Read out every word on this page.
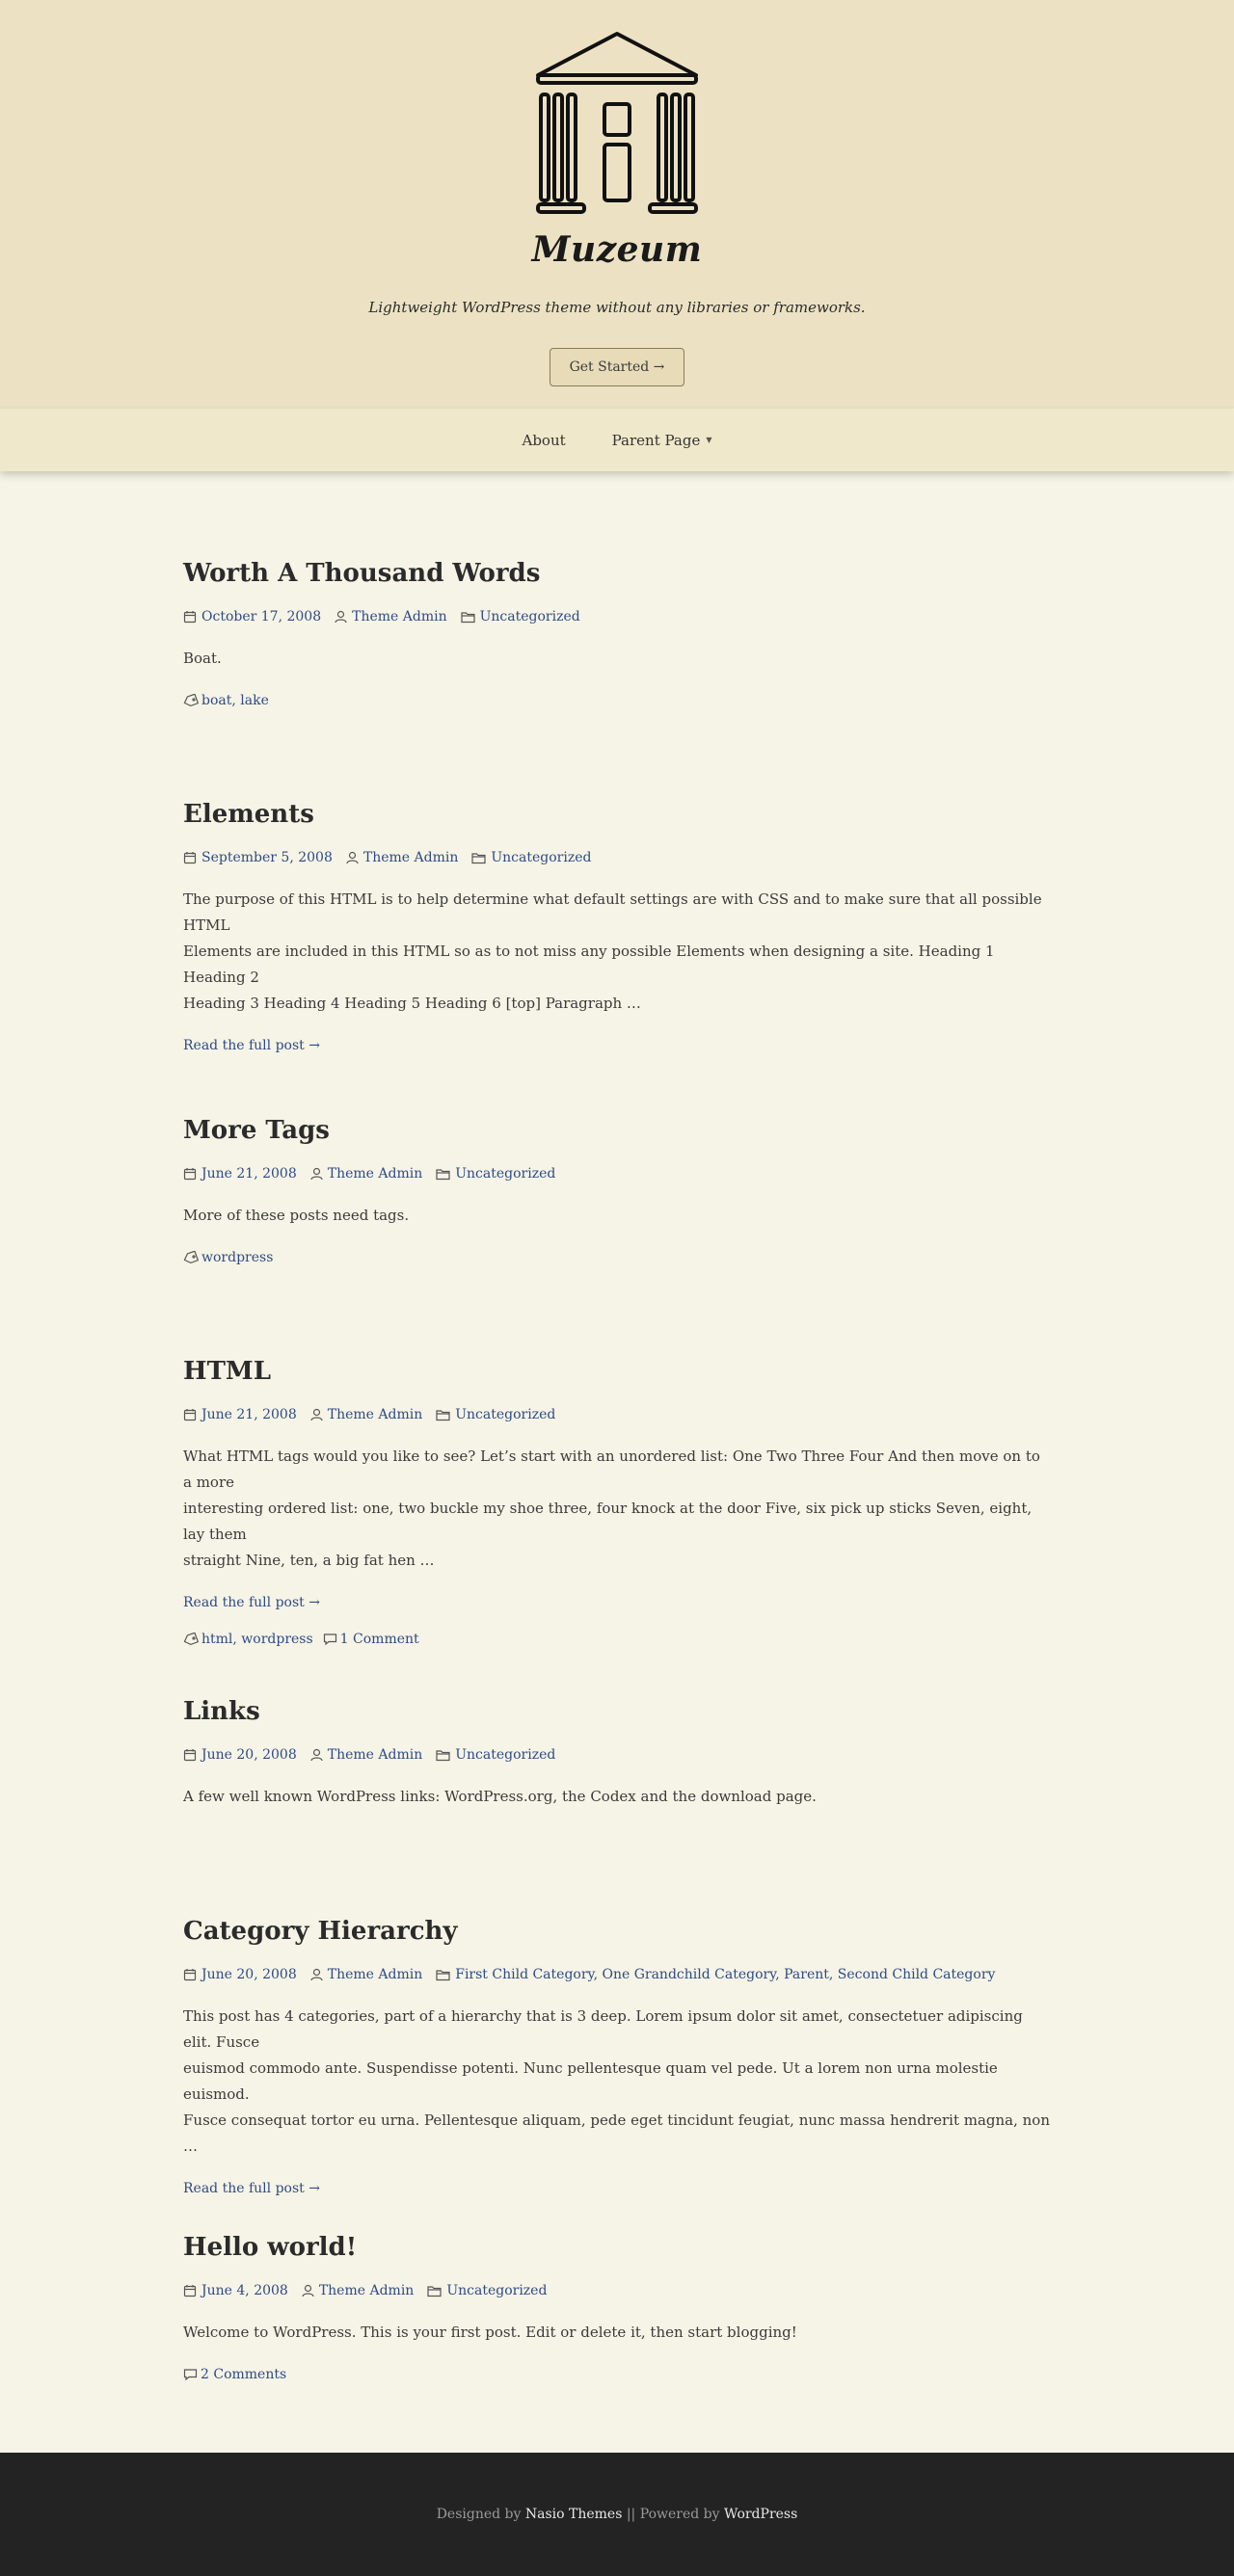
Muzeum
Lightweight WordPress theme without any libraries or frameworks.
Get Started →
About	Parent Page ▼
Worth A Thousand Words
October 17, 2008 Theme Admin Uncategorized

Boat.

boat, lake
Elements
September 5, 2008 Theme Admin Uncategorized
The purpose of this HTML is to help determine what default settings are with CSS and to make sure that all possible HTML
Elements are included in this HTML so as to not miss any possible Elements when designing a site. Heading 1 Heading 2
Heading 3 Heading 4 Heading 5 Heading 6 [top] Paragraph …
Read the full post →
More Tags
June 21, 2008 Theme Admin Uncategorized

More of these posts need tags.

wordpress
HTML
June 21, 2008 Theme Admin Uncategorized
What HTML tags would you like to see? Let’s start with an unordered list: One Two Three Four And then move on to a more
interesting ordered list: one, two buckle my shoe three, four knock at the door Five, six pick up sticks Seven, eight, lay them
straight Nine, ten, a big fat hen …
Read the full post →
html, wordpress 1 Comment
Links
June 20, 2008 Theme Admin Uncategorized

A few well known WordPress links: WordPress.org, the Codex and the download page.

Category Hierarchy
June 20, 2008 Theme Admin First Child Category, One Grandchild Category, Parent, Second Child Category
This post has 4 categories, part of a hierarchy that is 3 deep. Lorem ipsum dolor sit amet, consectetuer adipiscing elit. Fusce
euismod commodo ante. Suspendisse potenti. Nunc pellentesque quam vel pede. Ut a lorem non urna molestie euismod.
Fusce consequat tortor eu urna. Pellentesque aliquam, pede eget tincidunt feugiat, nunc massa hendrerit magna, non …
Read the full post →
Hello world!
June 4, 2008 Theme Admin Uncategorized

Welcome to WordPress. This is your first post. Edit or delete it, then start blogging!

2 Comments
Designed by
Nasio Themes
||
Powered by
WordPress
